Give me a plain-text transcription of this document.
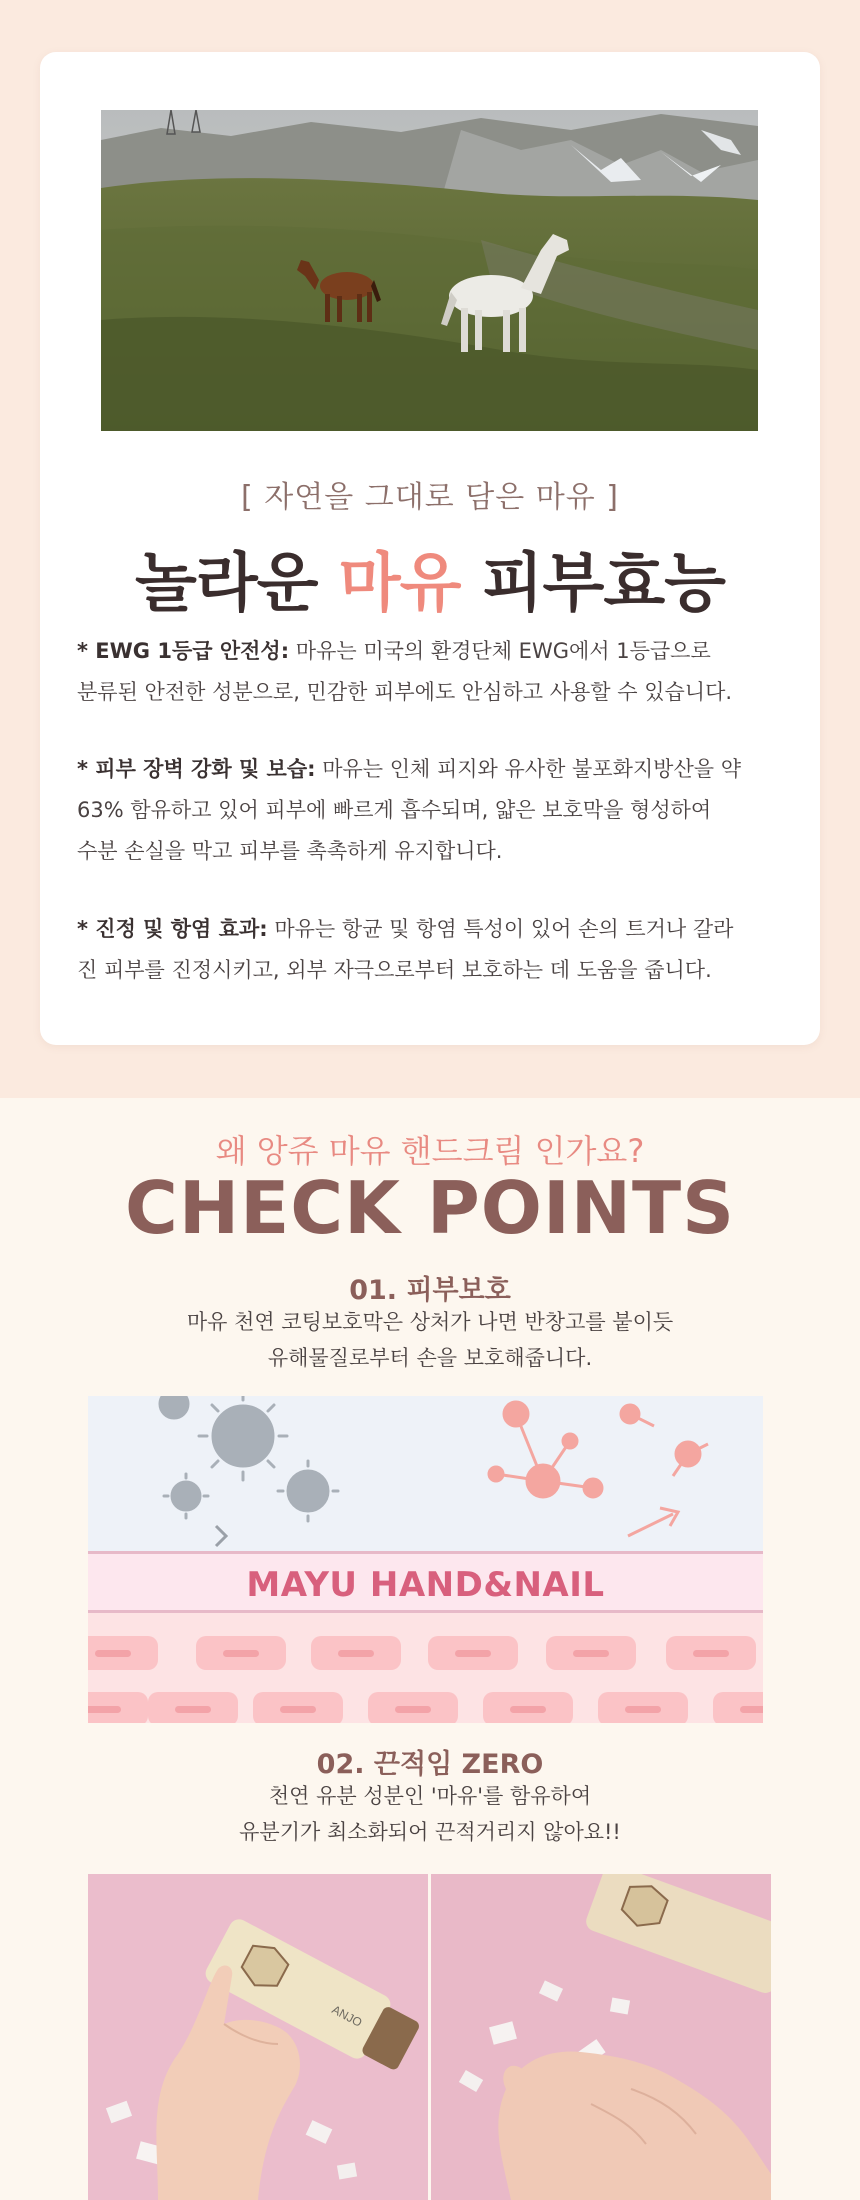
[ 자연을 그대로 담은 마유 ]
놀라운 마유 피부효능
* EWG 1등급 안전성: 마유는 미국의 환경단체 EWG에서 1등급으로
분류된 안전한 성분으로, 민감한 피부에도 안심하고 사용할 수 있습니다.
* 피부 장벽 강화 및 보습: 마유는 인체 피지와 유사한 불포화지방산을 약
63% 함유하고 있어 피부에 빠르게 흡수되며, 얇은 보호막을 형성하여
수분 손실을 막고 피부를 촉촉하게 유지합니다.
* 진정 및 항염 효과: 마유는 항균 및 항염 특성이 있어 손의 트거나 갈라
진 피부를 진정시키고, 외부 자극으로부터 보호하는 데 도움을 줍니다.
왜 앙쥬 마유 핸드크림 인가요?
CHECK POINTS
01. 피부보호
마유 천연 코팅보호막은 상처가 나면 반창고를 붙이듯
유해물질로부터 손을 보호해줍니다.
MAYU HAND&NAIL
02. 끈적임 ZERO
천연 유분 성분인 '마유'를 함유하여
유분기가 최소화되어 끈적거리지 않아요!!
ANJO
